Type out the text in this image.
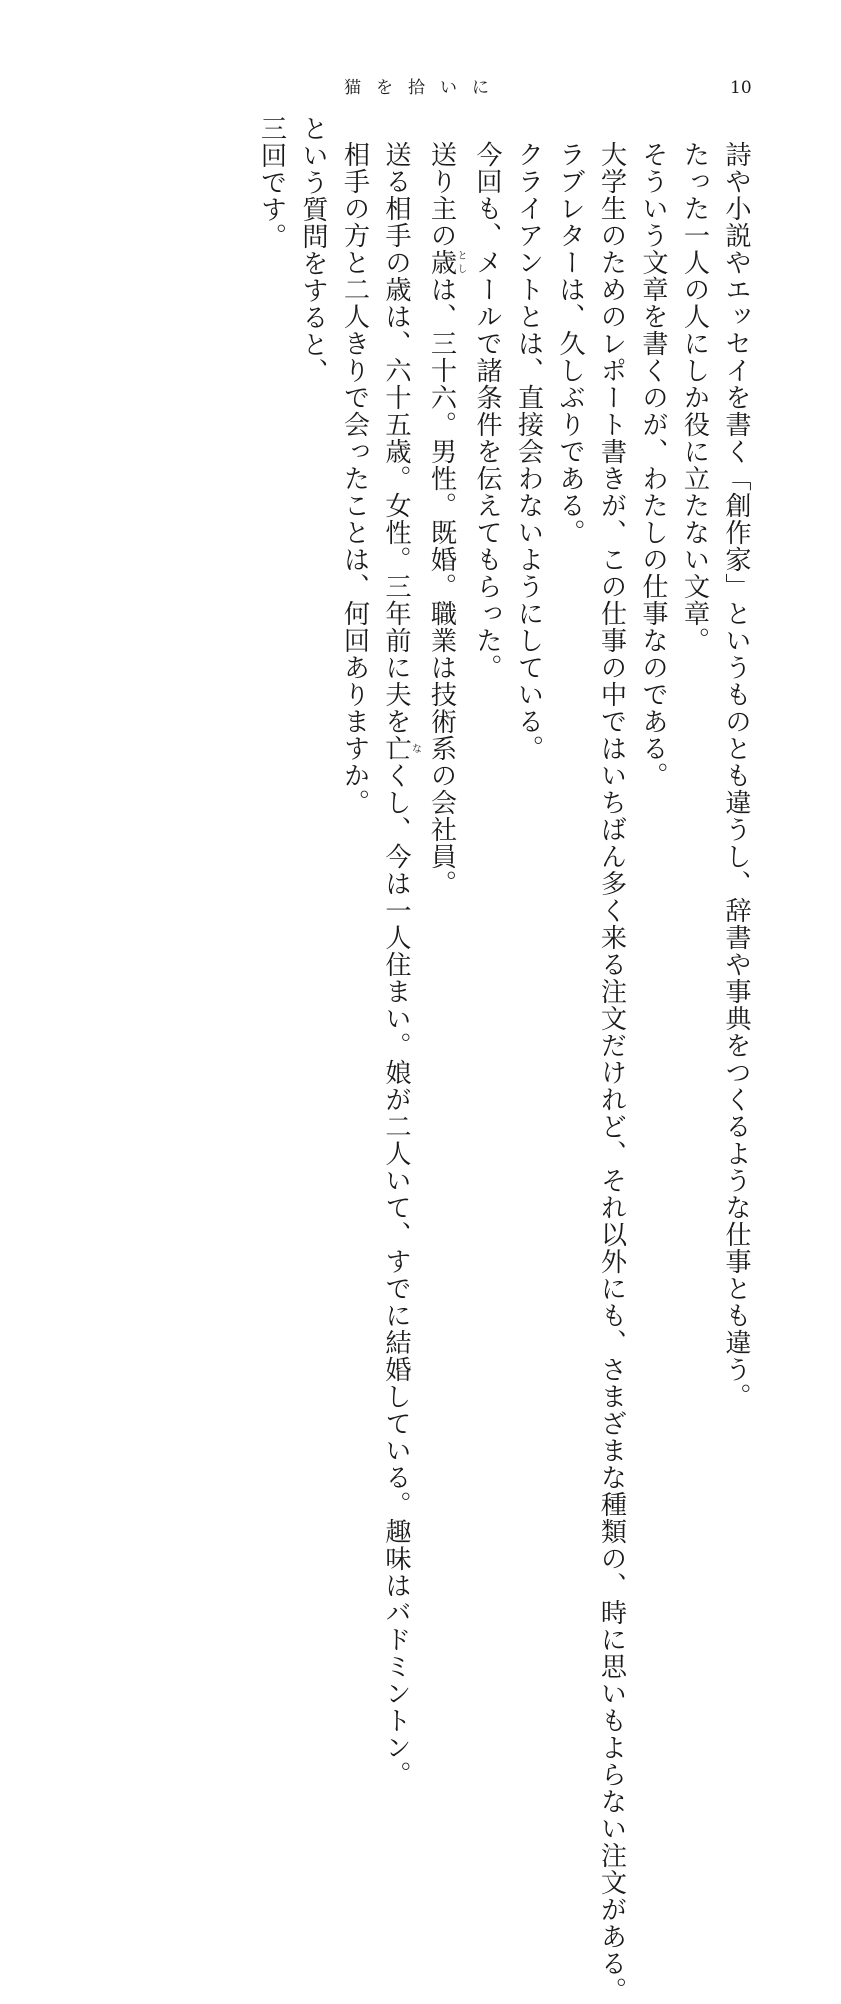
猫を拾いに	10

詩や小説やエッセイを書く「創作家」というものとも違うし、辞書や事典をつくるような仕事とも違う。

たった一人の人にしか役に立たない文章。

そういう文章を書くのが、わたしの仕事なのである。

大学生のためのレポート書きが、この仕事の中ではいちばん多く来る注文だけれど、それ以外にも、さまざまな種類の、時に思いもよらない注文がある。

ラブレターは、久しぶりである。

クライアントとは、直接会わないようにしている。

今回も、メールで諸条件を伝えてもらった。

送り主の歳としは、三十六。男性。既婚。職業は技術系の会社員。

送る相手の歳は、六十五歳。女性。三年前に夫を亡なくし、今は一人住まい。娘が二人いて、すでに結婚している。趣味はバドミントン。

相手の方と二人きりで会ったことは、何回ありますか。

という質問をすると、

三回です。
